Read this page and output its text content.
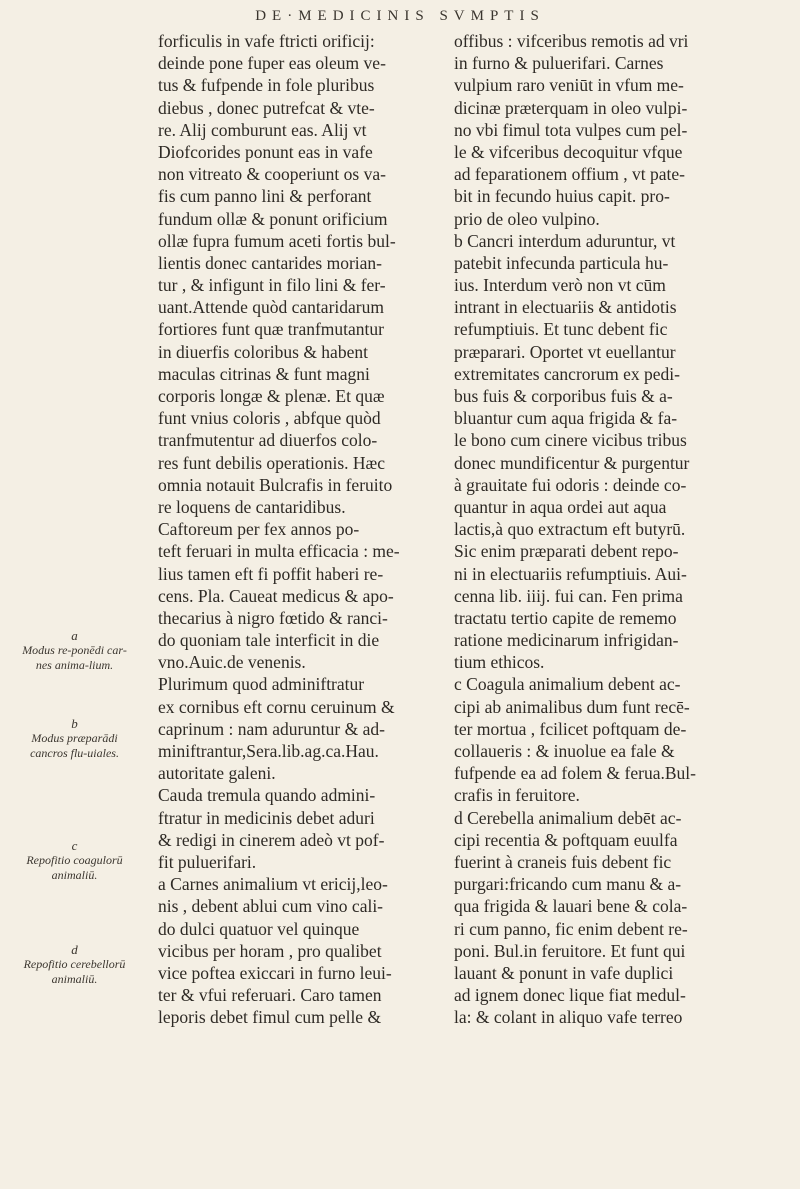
DE·MEDICINIS SVMPTIS
forficulis in vafe ftricti orificij:
deinde pone fuper eas oleum ve-
tus & fufpende in fole pluribus
diebus , donec putrefcat & vte-
re. Alij comburunt eas. Alij vt
Diofcorides ponunt eas in vafe
non vitreato & cooperiunt os va-
fis cum panno lini & perforant
fundum ollæ & ponunt orificium
ollæ fupra fumum aceti fortis bul-
lientis donec cantarides morian-
tur , & infigunt in filo lini & fer-
uant.Attende quòd cantaridarum
fortiores funt quæ tranfmutantur
in diuerfis coloribus & habent
maculas citrinas & funt magni
corporis longæ & plenæ. Et quæ
funt vnius coloris , abfque quòd
tranfmutentur ad diuerfos colo-
res funt debilis operationis. Hæc
omnia notauit Bulcrafis in feruito
re loquens de cantaridibus.
Caftoreum per fex annos po-
teft feruari in multa efficacia : me-
lius tamen eft fi poffit haberi re-
cens. Pla. Caueat medicus & apo-
thecarius à nigro fœtido & ranci-
do quoniam tale interficit in die
vno.Auic.de venenis.
Plurimum quod adminiftratur
ex cornibus eft cornu ceruinum &
caprinum : nam aduruntur & ad-
miniftrantur,Sera.lib.ag.ca.Hau.
autoritate galeni.
Cauda tremula quando admini-
ftratur in medicinis debet aduri
& redigi in cinerem adeò vt pof-
fit puluerifari.
a Carnes animalium vt ericij,leo-
nis , debent ablui cum vino cali-
do dulci quatuor vel quinque
vicibus per horam , pro qualibet
vice poftea exiccari in furno leui-
ter & vfui referuari. Caro tamen
leporis debet fimul cum pelle &
offibus : vifceribus remotis ad vri
in furno & puluerifari. Carnes
vulpium raro veniūt in vfum me-
dicinæ præterquam in oleo vulpi-
no vbi fimul tota vulpes cum pel-
le & vifceribus decoquitur vfque
ad feparationem offium , vt pate-
bit in fecundo huius capit. pro-
prio de oleo vulpino.
b Cancri interdum aduruntur, vt
patebit infecunda particula hu-
ius. Interdum verò non vt cūm
intrant in electuariis & antidotis
refumptiuis. Et tunc debent fic
præparari. Oportet vt euellantur
extremitates cancrorum ex pedi-
bus fuis & corporibus fuis & a-
bluantur cum aqua frigida & fa-
le bono cum cinere vicibus tribus
donec mundificentur & purgentur
à grauitate fui odoris : deinde co-
quantur in aqua ordei aut aqua
lactis,à quo extractum eft butyrū.
Sic enim præparati debent repo-
ni in electuariis refumptiuis. Aui-
cenna lib. iiij. fui can. Fen prima
tractatu tertio capite de rememo
ratione medicinarum infrigidan-
tium ethicos.
c Coagula animalium debent ac-
cipi ab animalibus dum funt recē-
ter mortua , fcilicet poftquam de-
collaueris : & inuolue ea fale &
fufpende ea ad folem & ferua.Bul-
crafis in feruitore.
d Cerebella animalium debēt ac-
cipi recentia & poftquam euulfa
fuerint à craneis fuis debent fic
purgari:fricando cum manu & a-
qua frigida & lauari bene & cola-
ri cum panno, fic enim debent re-
poni. Bul.in feruitore. Et funt qui
lauant & ponunt in vafe duplici
ad ignem donec lique fiat medul-
la: & colant in aliquo vafe terreo
a
Modus re-ponēdi car-nes anima-lium.
b
Modus præparādi cancros flu-uiales.
c
Repofitio coagulorū animaliū.
d
Repofitio cerebellorū animaliū.
